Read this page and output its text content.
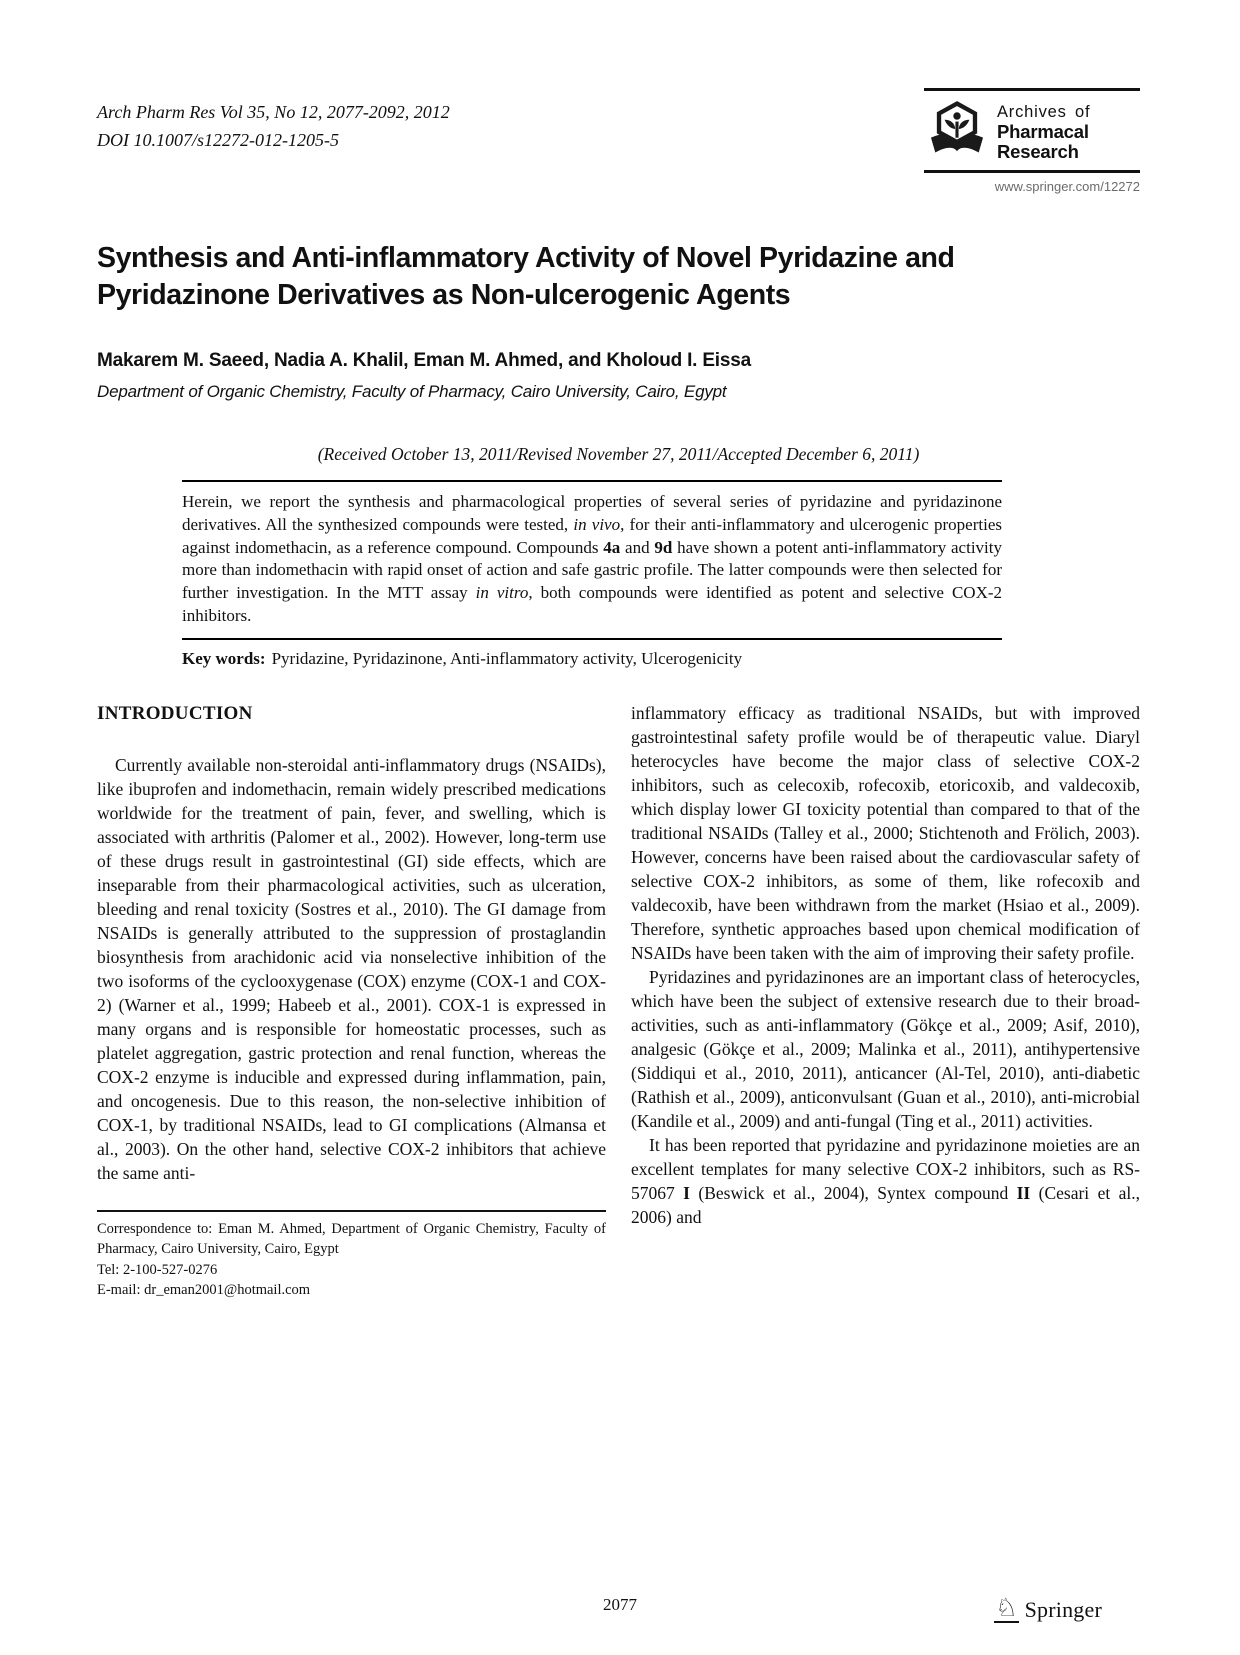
Arch Pharm Res Vol 35, No 12, 2077-2092, 2012
DOI 10.1007/s12272-012-1205-5
Archives of
Pharmacal
Research
www.springer.com/12272
Synthesis and Anti-inflammatory Activity of Novel Pyridazine and
Pyridazinone Derivatives as Non-ulcerogenic Agents
Makarem M. Saeed, Nadia A. Khalil, Eman M. Ahmed, and Kholoud I. Eissa
Department of Organic Chemistry, Faculty of Pharmacy, Cairo University, Cairo, Egypt
(Received October 13, 2011/Revised November 27, 2011/Accepted December 6, 2011)

Herein, we report the synthesis and pharmacological properties of several series of pyridazine and pyridazinone derivatives. All the synthesized compounds were tested, in vivo, for their anti-inflammatory and ulcerogenic properties against indomethacin, as a reference compound. Compounds 4a and 9d have shown a potent anti-inflammatory activity more than indomethacin with rapid onset of action and safe gastric profile. The latter compounds were then selected for further investigation. In the MTT assay in vitro, both compounds were identified as potent and selective COX-2 inhibitors.

Key words: Pyridazine, Pyridazinone, Anti-inflammatory activity, Ulcerogenicity
INTRODUCTION

Currently available non-steroidal anti-inflammatory drugs (NSAIDs), like ibuprofen and indomethacin, remain widely prescribed medications worldwide for the treatment of pain, fever, and swelling, which is associated with arthritis (Palomer et al., 2002). However, long-term use of these drugs result in gastrointestinal (GI) side effects, which are inseparable from their pharmacological activities, such as ulceration, bleeding and renal toxicity (Sostres et al., 2010). The GI damage from NSAIDs is generally attributed to the suppression of prostaglandin biosynthesis from arachidonic acid via nonselective inhibition of the two isoforms of the cyclooxygenase (COX) enzyme (COX-1 and COX-2) (Warner et al., 1999; Habeeb et al., 2001). COX-1 is expressed in many organs and is responsible for homeostatic processes, such as platelet aggregation, gastric protection and renal function, whereas the COX-2 enzyme is inducible and expressed during inflammation, pain, and oncogenesis. Due to this reason, the non-selective inhibition of COX-1, by traditional NSAIDs, lead to GI complications (Almansa et al., 2003). On the other hand, selective COX-2 inhibitors that achieve the same anti-

Correspondence to: Eman M. Ahmed, Department of Organic Chemistry, Faculty of Pharmacy, Cairo University, Cairo, Egypt
Tel: 2-100-527-0276
E-mail: dr_eman2001@hotmail.com

inflammatory efficacy as traditional NSAIDs, but with improved gastrointestinal safety profile would be of therapeutic value. Diaryl heterocycles have become the major class of selective COX-2 inhibitors, such as celecoxib, rofecoxib, etoricoxib, and valdecoxib, which display lower GI toxicity potential than compared to that of the traditional NSAIDs (Talley et al., 2000; Stichtenoth and Frölich, 2003). However, concerns have been raised about the cardiovascular safety of selective COX-2 inhibitors, as some of them, like rofecoxib and valdecoxib, have been withdrawn from the market (Hsiao et al., 2009). Therefore, synthetic approaches based upon chemical modification of NSAIDs have been taken with the aim of improving their safety profile.

Pyridazines and pyridazinones are an important class of heterocycles, which have been the subject of extensive research due to their broad-activities, such as anti-inflammatory (Gökçe et al., 2009; Asif, 2010), analgesic (Gökçe et al., 2009; Malinka et al., 2011), antihypertensive (Siddiqui et al., 2010, 2011), anticancer (Al-Tel, 2010), anti-diabetic (Rathish et al., 2009), anticonvulsant (Guan et al., 2010), anti-microbial (Kandile et al., 2009) and anti-fungal (Ting et al., 2011) activities.

It has been reported that pyridazine and pyridazinone moieties are an excellent templates for many selective COX-2 inhibitors, such as RS-57067 I (Beswick et al., 2004), Syntex compound II (Cesari et al., 2006) and

2077	♘ Springer
